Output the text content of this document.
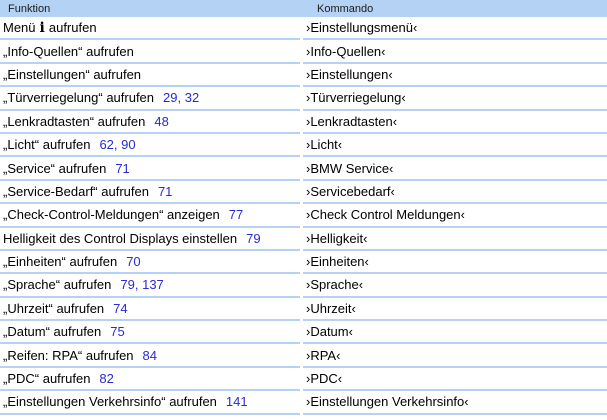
Funktion	Kommando
Menü i aufrufen	›Einstellungsmenü‹
„Info-Quellen“ aufrufen	›Info-Quellen‹
„Einstellungen“ aufrufen	›Einstellungen‹
„Türverriegelung“ aufrufen 29, 32	›Türverriegelung‹
„Lenkradtasten“ aufrufen 48	›Lenkradtasten‹
„Licht“ aufrufen 62, 90	›Licht‹
„Service“ aufrufen 71	›BMW Service‹
„Service-Bedarf“ aufrufen 71	›Servicebedarf‹
„Check-Control-Meldungen“ anzeigen 77	›Check Control Meldungen‹
Helligkeit des Control Displays einstellen 79	›Helligkeit‹
„Einheiten“ aufrufen 70	›Einheiten‹
„Sprache“ aufrufen 79, 137	›Sprache‹
„Uhrzeit“ aufrufen 74	›Uhrzeit‹
„Datum“ aufrufen 75	›Datum‹
„Reifen: RPA“ aufrufen 84	›RPA‹
„PDC“ aufrufen 82	›PDC‹
„Einstellungen Verkehrsinfo“ aufrufen 141	›Einstellungen Verkehrsinfo‹
